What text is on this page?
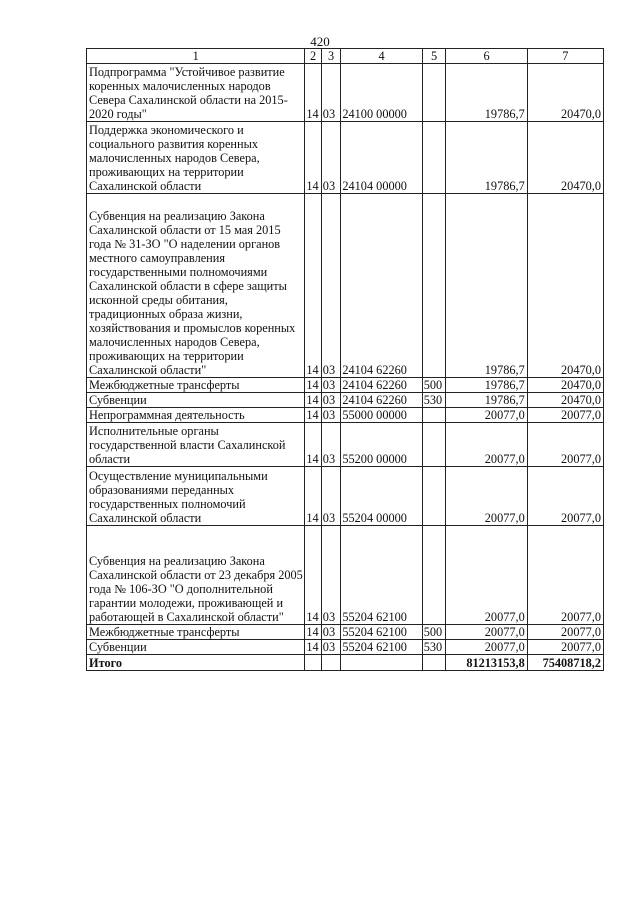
420
1	2	3	4	5	6	7
Подпрограмма "Устойчивое развитие коренных малочисленных народов Севера Сахалинской области на 2015-2020 годы"	14	03	24100 00000		19786,7	20470,0
Поддержка экономического и социального развития коренных малочисленных народов Севера, проживающих на территории Сахалинской области	14	03	24104 00000		19786,7	20470,0
Субвенция на реализацию Закона Сахалинской области от 15 мая 2015 года № 31-ЗО "О наделении органов местного самоуправления государственными полномочиями Сахалинской области в сфере защиты исконной среды обитания, традиционных образа жизни, хозяйствования и промыслов коренных малочисленных народов Севера, проживающих на территории Сахалинской области"	14	03	24104 62260		19786,7	20470,0
Межбюджетные трансферты	14	03	24104 62260	500	19786,7	20470,0
Субвенции	14	03	24104 62260	530	19786,7	20470,0
Непрограммная деятельность	14	03	55000 00000		20077,0	20077,0
Исполнительные органы государственной власти Сахалинской области	14	03	55200 00000		20077,0	20077,0
Осуществление муниципальными образованиями переданных государственных полномочий Сахалинской области	14	03	55204 00000		20077,0	20077,0
Субвенция на реализацию Закона Сахалинской области от 23 декабря 2005 года № 106-ЗО "О дополнительной гарантии молодежи, проживающей и работающей в Сахалинской области"	14	03	55204 62100		20077,0	20077,0
Межбюджетные трансферты	14	03	55204 62100	500	20077,0	20077,0
Субвенции	14	03	55204 62100	530	20077,0	20077,0
Итого					81213153,8	75408718,2
